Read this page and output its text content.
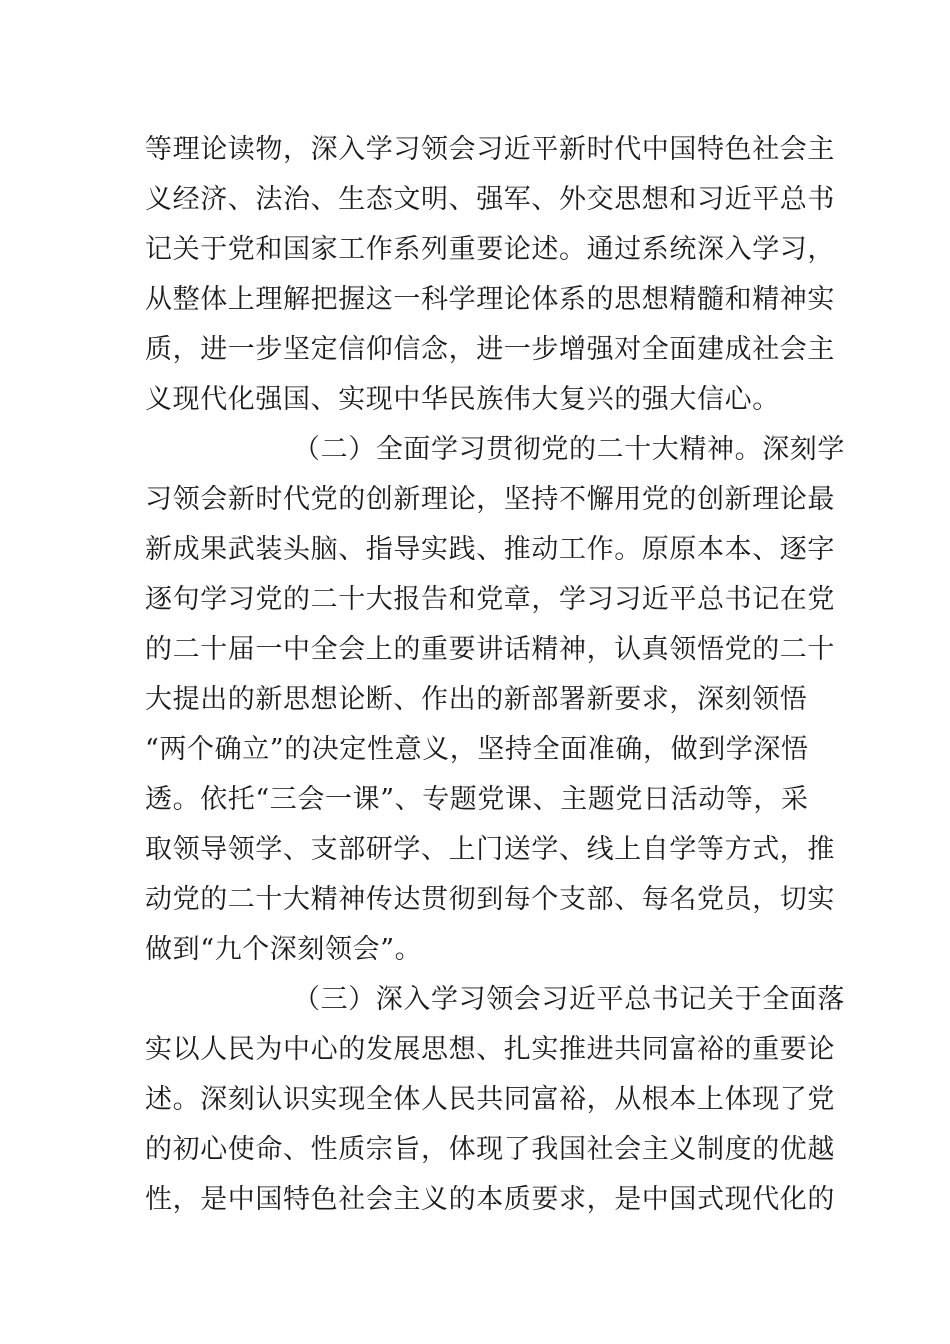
等理论读物，深入学习领会习近平新时代中国特色社会主
义经济、法治、生态文明、强军、外交思想和习近平总书
记关于党和国家工作系列重要论述。通过系统深入学习，
从整体上理解把握这一科学理论体系的思想精髓和精神实
质，进一步坚定信仰信念，进一步增强对全面建成社会主
义现代化强国、实现中华民族伟大复兴的强大信心。
（二）全面学习贯彻党的二十大精神。深刻学
习领会新时代党的创新理论，坚持不懈用党的创新理论最
新成果武装头脑、指导实践、推动工作。原原本本、逐字
逐句学习党的二十大报告和党章，学习习近平总书记在党
的二十届一中全会上的重要讲话精神，认真领悟党的二十
大提出的新思想论断、作出的新部署新要求，深刻领悟
“两个确立”的决定性意义，坚持全面准确，做到学深悟
透。依托“三会一课”、专题党课、主题党日活动等，采
取领导领学、支部研学、上门送学、线上自学等方式，推
动党的二十大精神传达贯彻到每个支部、每名党员，切实
做到“九个深刻领会”。
（三）深入学习领会习近平总书记关于全面落
实以人民为中心的发展思想、扎实推进共同富裕的重要论
述。深刻认识实现全体人民共同富裕，从根本上体现了党
的初心使命、性质宗旨，体现了我国社会主义制度的优越
性，是中国特色社会主义的本质要求，是中国式现代化的
